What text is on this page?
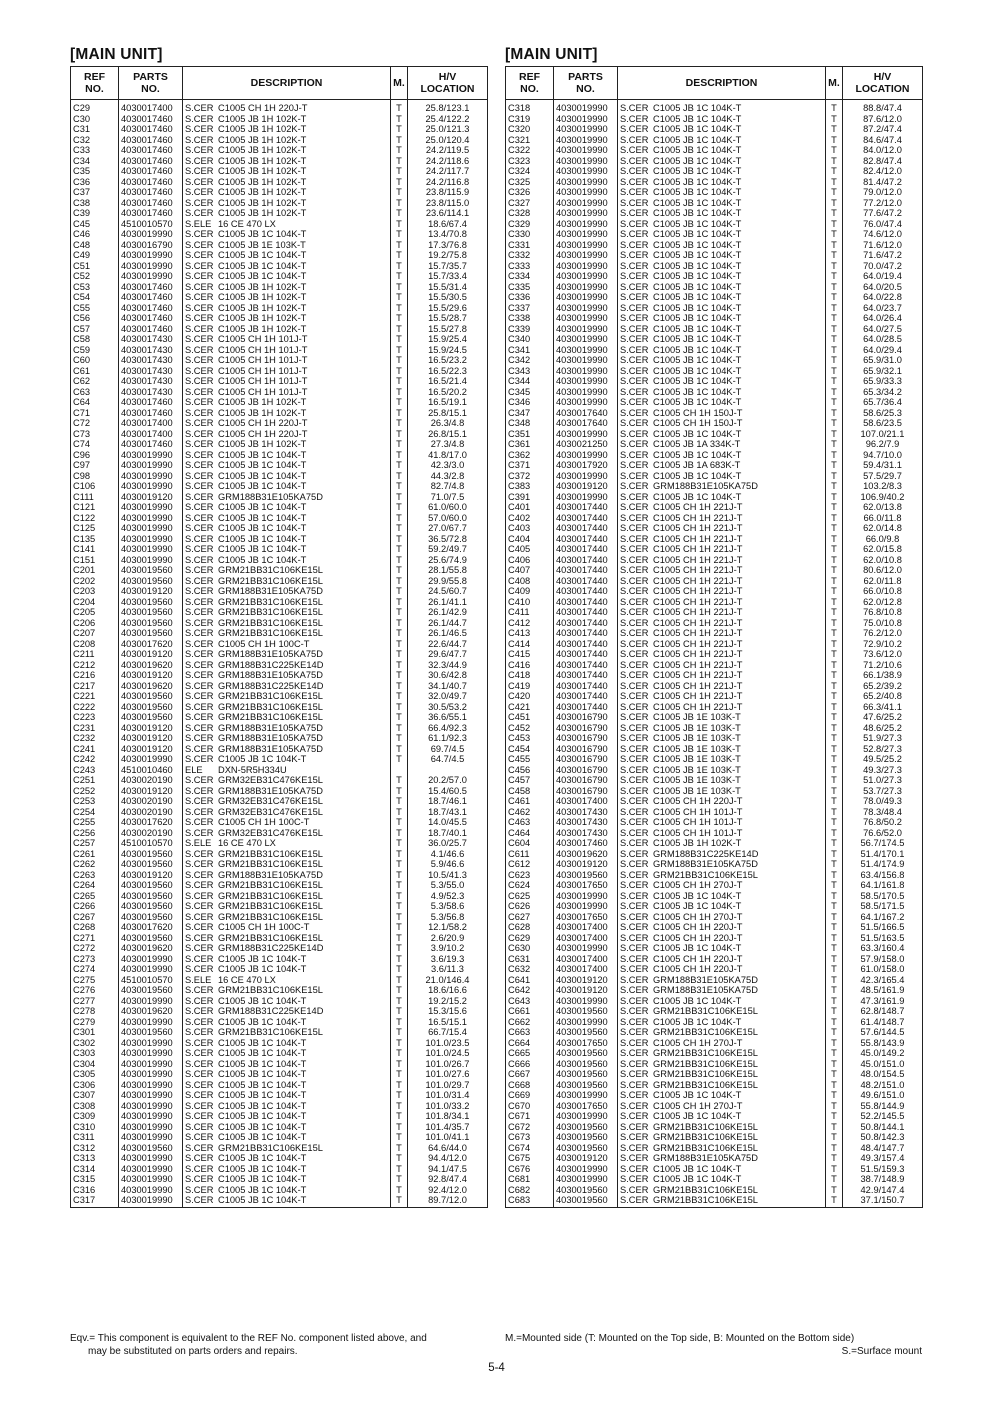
[MAIN UNIT]
REF
NO.	PARTS
NO.	DESCRIPTION	M.	H/V
LOCATION
C29	4030017400	S.CER C1005 CH 1H 220J-T	T	25.8/123.1
C30	4030017460	S.CER C1005 JB 1H 102K-T	T	25.4/122.2
C31	4030017460	S.CER C1005 JB 1H 102K-T	T	25.0/121.3
C32	4030017460	S.CER C1005 JB 1H 102K-T	T	25.0/120.4
C33	4030017460	S.CER C1005 JB 1H 102K-T	T	24.2/119.5
C34	4030017460	S.CER C1005 JB 1H 102K-T	T	24.2/118.6
C35	4030017460	S.CER C1005 JB 1H 102K-T	T	24.2/117.7
C36	4030017460	S.CER C1005 JB 1H 102K-T	T	24.2/116.8
C37	4030017460	S.CER C1005 JB 1H 102K-T	T	23.8/115.9
C38	4030017460	S.CER C1005 JB 1H 102K-T	T	23.8/115.0
C39	4030017460	S.CER C1005 JB 1H 102K-T	T	23.6/114.1
C45	4510010570	S.ELE 16 CE 470 LX	T	18.6/67.4
C46	4030019990	S.CER C1005 JB 1C 104K-T	T	13.4/70.8
C48	4030016790	S.CER C1005 JB 1E 103K-T	T	17.3/76.8
C49	4030019990	S.CER C1005 JB 1C 104K-T	T	19.2/75.8
C51	4030019990	S.CER C1005 JB 1C 104K-T	T	15.7/35.7
C52	4030019990	S.CER C1005 JB 1C 104K-T	T	15.7/33.4
C53	4030017460	S.CER C1005 JB 1H 102K-T	T	15.5/31.4
C54	4030017460	S.CER C1005 JB 1H 102K-T	T	15.5/30.5
C55	4030017460	S.CER C1005 JB 1H 102K-T	T	15.5/29.6
C56	4030017460	S.CER C1005 JB 1H 102K-T	T	15.5/28.7
C57	4030017460	S.CER C1005 JB 1H 102K-T	T	15.5/27.8
C58	4030017430	S.CER C1005 CH 1H 101J-T	T	15.9/25.4
C59	4030017430	S.CER C1005 CH 1H 101J-T	T	15.9/24.5
C60	4030017430	S.CER C1005 CH 1H 101J-T	T	16.5/23.2
C61	4030017430	S.CER C1005 CH 1H 101J-T	T	16.5/22.3
C62	4030017430	S.CER C1005 CH 1H 101J-T	T	16.5/21.4
C63	4030017430	S.CER C1005 CH 1H 101J-T	T	16.5/20.2
C64	4030017460	S.CER C1005 JB 1H 102K-T	T	16.5/19.1
C71	4030017460	S.CER C1005 JB 1H 102K-T	T	25.8/15.1
C72	4030017400	S.CER C1005 CH 1H 220J-T	T	26.3/4.8
C73	4030017400	S.CER C1005 CH 1H 220J-T	T	26.8/15.1
C74	4030017460	S.CER C1005 JB 1H 102K-T	T	27.3/4.8
C96	4030019990	S.CER C1005 JB 1C 104K-T	T	41.8/17.0
C97	4030019990	S.CER C1005 JB 1C 104K-T	T	42.3/3.0
C98	4030019990	S.CER C1005 JB 1C 104K-T	T	44.3/2.8
C106	4030019990	S.CER C1005 JB 1C 104K-T	T	82.7/4.8
C111	4030019120	S.CER GRM188B31E105KA75D	T	71.0/7.5
C121	4030019990	S.CER C1005 JB 1C 104K-T	T	61.0/60.0
C122	4030019990	S.CER C1005 JB 1C 104K-T	T	57.0/60.0
C125	4030019990	S.CER C1005 JB 1C 104K-T	T	27.0/67.7
C135	4030019990	S.CER C1005 JB 1C 104K-T	T	36.5/72.8
C141	4030019990	S.CER C1005 JB 1C 104K-T	T	59.2/49.7
C151	4030019990	S.CER C1005 JB 1C 104K-T	T	25.6/74.9
C201	4030019560	S.CER GRM21BB31C106KE15L	T	28.1/55.8
C202	4030019560	S.CER GRM21BB31C106KE15L	T	29.9/55.8
C203	4030019120	S.CER GRM188B31E105KA75D	T	24.5/60.7
C204	4030019560	S.CER GRM21BB31C106KE15L	T	26.1/41.1
C205	4030019560	S.CER GRM21BB31C106KE15L	T	26.1/42.9
C206	4030019560	S.CER GRM21BB31C106KE15L	T	26.1/44.7
C207	4030019560	S.CER GRM21BB31C106KE15L	T	26.1/46.5
C208	4030017620	S.CER C1005 CH 1H 100C-T	T	22.6/44.7
C211	4030019120	S.CER GRM188B31E105KA75D	T	29.6/47.7
C212	4030019620	S.CER GRM188B31C225KE14D	T	32.3/44.9
C216	4030019120	S.CER GRM188B31E105KA75D	T	30.6/42.8
C217	4030019620	S.CER GRM188B31C225KE14D	T	34.1/40.7
C221	4030019560	S.CER GRM21BB31C106KE15L	T	32.0/49.7
C222	4030019560	S.CER GRM21BB31C106KE15L	T	30.5/53.2
C223	4030019560	S.CER GRM21BB31C106KE15L	T	36.6/55.1
C231	4030019120	S.CER GRM188B31E105KA75D	T	66.4/92.3
C232	4030019120	S.CER GRM188B31E105KA75D	T	61.1/92.3
C241	4030019120	S.CER GRM188B31E105KA75D	T	69.7/4.5
C242	4030019990	S.CER C1005 JB 1C 104K-T	T	64.7/4.5
C243	4510010460	ELE DXN-5R5H334U		
C251	4030020190	S.CER GRM32EB31C476KE15L	T	20.2/57.0
C252	4030019120	S.CER GRM188B31E105KA75D	T	15.4/60.5
C253	4030020190	S.CER GRM32EB31C476KE15L	T	18.7/46.1
C254	4030020190	S.CER GRM32EB31C476KE15L	T	18.7/43.1
C255	4030017620	S.CER C1005 CH 1H 100C-T	T	14.0/45.5
C256	4030020190	S.CER GRM32EB31C476KE15L	T	18.7/40.1
C257	4510010570	S.ELE 16 CE 470 LX	T	36.0/25.7
C261	4030019560	S.CER GRM21BB31C106KE15L	T	4.1/46.6
C262	4030019560	S.CER GRM21BB31C106KE15L	T	5.9/46.6
C263	4030019120	S.CER GRM188B31E105KA75D	T	10.5/41.3
C264	4030019560	S.CER GRM21BB31C106KE15L	T	5.3/55.0
C265	4030019560	S.CER GRM21BB31C106KE15L	T	4.9/52.3
C266	4030019560	S.CER GRM21BB31C106KE15L	T	5.3/58.6
C267	4030019560	S.CER GRM21BB31C106KE15L	T	5.3/56.8
C268	4030017620	S.CER C1005 CH 1H 100C-T	T	12.1/58.2
C271	4030019560	S.CER GRM21BB31C106KE15L	T	2.6/20.9
C272	4030019620	S.CER GRM188B31C225KE14D	T	3.9/10.2
C273	4030019990	S.CER C1005 JB 1C 104K-T	T	3.6/19.3
C274	4030019990	S.CER C1005 JB 1C 104K-T	T	3.6/11.3
C275	4510010570	S.ELE 16 CE 470 LX	T	21.0/146.4
C276	4030019560	S.CER GRM21BB31C106KE15L	T	18.6/16.6
C277	4030019990	S.CER C1005 JB 1C 104K-T	T	19.2/15.2
C278	4030019620	S.CER GRM188B31C225KE14D	T	15.3/15.6
C279	4030019990	S.CER C1005 JB 1C 104K-T	T	16.5/15.1
C301	4030019560	S.CER GRM21BB31C106KE15L	T	66.7/15.4
C302	4030019990	S.CER C1005 JB 1C 104K-T	T	101.0/23.5
C303	4030019990	S.CER C1005 JB 1C 104K-T	T	101.0/24.5
C304	4030019990	S.CER C1005 JB 1C 104K-T	T	101.0/26.7
C305	4030019990	S.CER C1005 JB 1C 104K-T	T	101.0/27.6
C306	4030019990	S.CER C1005 JB 1C 104K-T	T	101.0/29.7
C307	4030019990	S.CER C1005 JB 1C 104K-T	T	101.0/31.4
C308	4030019990	S.CER C1005 JB 1C 104K-T	T	101.0/33.2
C309	4030019990	S.CER C1005 JB 1C 104K-T	T	101.8/34.1
C310	4030019990	S.CER C1005 JB 1C 104K-T	T	101.4/35.7
C311	4030019990	S.CER C1005 JB 1C 104K-T	T	101.0/41.1
C312	4030019560	S.CER GRM21BB31C106KE15L	T	64.6/44.0
C313	4030019990	S.CER C1005 JB 1C 104K-T	T	94.4/12.0
C314	4030019990	S.CER C1005 JB 1C 104K-T	T	94.1/47.5
C315	4030019990	S.CER C1005 JB 1C 104K-T	T	92.8/47.4
C316	4030019990	S.CER C1005 JB 1C 104K-T	T	92.4/12.0
C317	4030019990	S.CER C1005 JB 1C 104K-T	T	89.7/12.0
[MAIN UNIT]
REF
NO.	PARTS
NO.	DESCRIPTION	M.	H/V
LOCATION
C318	4030019990	S.CER C1005 JB 1C 104K-T	T	88.8/47.4
C319	4030019990	S.CER C1005 JB 1C 104K-T	T	87.6/12.0
C320	4030019990	S.CER C1005 JB 1C 104K-T	T	87.2/47.4
C321	4030019990	S.CER C1005 JB 1C 104K-T	T	84.6/47.4
C322	4030019990	S.CER C1005 JB 1C 104K-T	T	84.0/12.0
C323	4030019990	S.CER C1005 JB 1C 104K-T	T	82.8/47.4
C324	4030019990	S.CER C1005 JB 1C 104K-T	T	82.4/12.0
C325	4030019990	S.CER C1005 JB 1C 104K-T	T	81.4/47.2
C326	4030019990	S.CER C1005 JB 1C 104K-T	T	79.0/12.0
C327	4030019990	S.CER C1005 JB 1C 104K-T	T	77.2/12.0
C328	4030019990	S.CER C1005 JB 1C 104K-T	T	77.6/47.2
C329	4030019990	S.CER C1005 JB 1C 104K-T	T	76.0/47.4
C330	4030019990	S.CER C1005 JB 1C 104K-T	T	74.6/12.0
C331	4030019990	S.CER C1005 JB 1C 104K-T	T	71.6/12.0
C332	4030019990	S.CER C1005 JB 1C 104K-T	T	71.6/47.2
C333	4030019990	S.CER C1005 JB 1C 104K-T	T	70.0/47.2
C334	4030019990	S.CER C1005 JB 1C 104K-T	T	64.0/19.4
C335	4030019990	S.CER C1005 JB 1C 104K-T	T	64.0/20.5
C336	4030019990	S.CER C1005 JB 1C 104K-T	T	64.0/22.8
C337	4030019990	S.CER C1005 JB 1C 104K-T	T	64.0/23.7
C338	4030019990	S.CER C1005 JB 1C 104K-T	T	64.0/26.4
C339	4030019990	S.CER C1005 JB 1C 104K-T	T	64.0/27.5
C340	4030019990	S.CER C1005 JB 1C 104K-T	T	64.0/28.5
C341	4030019990	S.CER C1005 JB 1C 104K-T	T	64.0/29.4
C342	4030019990	S.CER C1005 JB 1C 104K-T	T	65.9/31.0
C343	4030019990	S.CER C1005 JB 1C 104K-T	T	65.9/32.1
C344	4030019990	S.CER C1005 JB 1C 104K-T	T	65.9/33.3
C345	4030019990	S.CER C1005 JB 1C 104K-T	T	65.3/34.2
C346	4030019990	S.CER C1005 JB 1C 104K-T	T	65.7/36.4
C347	4030017640	S.CER C1005 CH 1H 150J-T	T	58.6/25.3
C348	4030017640	S.CER C1005 CH 1H 150J-T	T	58.6/23.5
C351	4030019990	S.CER C1005 JB 1C 104K-T	T	107.0/21.1
C361	4030021250	S.CER C1005 JB 1A 334K-T	T	96.2/7.9
C362	4030019990	S.CER C1005 JB 1C 104K-T	T	94.7/10.0
C371	4030017920	S.CER C1005 JB 1A 683K-T	T	59.4/31.1
C372	4030019990	S.CER C1005 JB 1C 104K-T	T	57.5/29.7
C383	4030019120	S.CER GRM188B31E105KA75D	T	103.2/8.3
C391	4030019990	S.CER C1005 JB 1C 104K-T	T	106.9/40.2
C401	4030017440	S.CER C1005 CH 1H 221J-T	T	62.0/13.8
C402	4030017440	S.CER C1005 CH 1H 221J-T	T	66.0/11.8
C403	4030017440	S.CER C1005 CH 1H 221J-T	T	62.0/14.8
C404	4030017440	S.CER C1005 CH 1H 221J-T	T	66.0/9.8
C405	4030017440	S.CER C1005 CH 1H 221J-T	T	62.0/15.8
C406	4030017440	S.CER C1005 CH 1H 221J-T	T	62.0/10.8
C407	4030017440	S.CER C1005 CH 1H 221J-T	T	80.6/12.0
C408	4030017440	S.CER C1005 CH 1H 221J-T	T	62.0/11.8
C409	4030017440	S.CER C1005 CH 1H 221J-T	T	66.0/10.8
C410	4030017440	S.CER C1005 CH 1H 221J-T	T	62.0/12.8
C411	4030017440	S.CER C1005 CH 1H 221J-T	T	76.8/10.8
C412	4030017440	S.CER C1005 CH 1H 221J-T	T	75.0/10.8
C413	4030017440	S.CER C1005 CH 1H 221J-T	T	76.2/12.0
C414	4030017440	S.CER C1005 CH 1H 221J-T	T	72.9/10.2
C415	4030017440	S.CER C1005 CH 1H 221J-T	T	73.6/12.0
C416	4030017440	S.CER C1005 CH 1H 221J-T	T	71.2/10.6
C418	4030017440	S.CER C1005 CH 1H 221J-T	T	66.1/38.9
C419	4030017440	S.CER C1005 CH 1H 221J-T	T	65.2/39.2
C420	4030017440	S.CER C1005 CH 1H 221J-T	T	65.2/40.8
C421	4030017440	S.CER C1005 CH 1H 221J-T	T	66.3/41.1
C451	4030016790	S.CER C1005 JB 1E 103K-T	T	47.6/25.2
C452	4030016790	S.CER C1005 JB 1E 103K-T	T	48.6/25.2
C453	4030016790	S.CER C1005 JB 1E 103K-T	T	51.9/27.3
C454	4030016790	S.CER C1005 JB 1E 103K-T	T	52.8/27.3
C455	4030016790	S.CER C1005 JB 1E 103K-T	T	49.5/25.2
C456	4030016790	S.CER C1005 JB 1E 103K-T	T	49.3/27.3
C457	4030016790	S.CER C1005 JB 1E 103K-T	T	51.0/27.3
C458	4030016790	S.CER C1005 JB 1E 103K-T	T	53.7/27.3
C461	4030017400	S.CER C1005 CH 1H 220J-T	T	78.0/49.3
C462	4030017430	S.CER C1005 CH 1H 101J-T	T	78.3/48.4
C463	4030017430	S.CER C1005 CH 1H 101J-T	T	76.8/50.2
C464	4030017430	S.CER C1005 CH 1H 101J-T	T	76.6/52.0
C604	4030017460	S.CER C1005 JB 1H 102K-T	T	56.7/174.5
C611	4030019620	S.CER GRM188B31C225KE14D	T	51.4/170.1
C612	4030019120	S.CER GRM188B31E105KA75D	T	51.4/174.9
C623	4030019560	S.CER GRM21BB31C106KE15L	T	63.4/156.8
C624	4030017650	S.CER C1005 CH 1H 270J-T	T	64.1/161.8
C625	4030019990	S.CER C1005 JB 1C 104K-T	T	58.5/170.5
C626	4030019990	S.CER C1005 JB 1C 104K-T	T	58.5/171.5
C627	4030017650	S.CER C1005 CH 1H 270J-T	T	64.1/167.2
C628	4030017400	S.CER C1005 CH 1H 220J-T	T	51.5/166.5
C629	4030017400	S.CER C1005 CH 1H 220J-T	T	51.5/163.5
C630	4030019990	S.CER C1005 JB 1C 104K-T	T	63.3/160.4
C631	4030017400	S.CER C1005 CH 1H 220J-T	T	57.9/158.0
C632	4030017400	S.CER C1005 CH 1H 220J-T	T	61.0/158.0
C641	4030019120	S.CER GRM188B31E105KA75D	T	42.3/165.4
C642	4030019120	S.CER GRM188B31E105KA75D	T	48.5/161.9
C643	4030019990	S.CER C1005 JB 1C 104K-T	T	47.3/161.9
C661	4030019560	S.CER GRM21BB31C106KE15L	T	62.8/148.7
C662	4030019990	S.CER C1005 JB 1C 104K-T	T	61.4/148.7
C663	4030019560	S.CER GRM21BB31C106KE15L	T	57.6/144.5
C664	4030017650	S.CER C1005 CH 1H 270J-T	T	55.8/143.9
C665	4030019560	S.CER GRM21BB31C106KE15L	T	45.0/149.2
C666	4030019560	S.CER GRM21BB31C106KE15L	T	45.0/151.0
C667	4030019560	S.CER GRM21BB31C106KE15L	T	48.0/154.5
C668	4030019560	S.CER GRM21BB31C106KE15L	T	48.2/151.0
C669	4030019990	S.CER C1005 JB 1C 104K-T	T	49.6/151.0
C670	4030017650	S.CER C1005 CH 1H 270J-T	T	55.8/144.9
C671	4030019990	S.CER C1005 JB 1C 104K-T	T	52.2/145.5
C672	4030019560	S.CER GRM21BB31C106KE15L	T	50.8/144.1
C673	4030019560	S.CER GRM21BB31C106KE15L	T	50.8/142.3
C674	4030019560	S.CER GRM21BB31C106KE15L	T	48.4/147.7
C675	4030019120	S.CER GRM188B31E105KA75D	T	49.3/157.4
C676	4030019990	S.CER C1005 JB 1C 104K-T	T	51.5/159.3
C681	4030019990	S.CER C1005 JB 1C 104K-T	T	38.7/148.9
C682	4030019560	S.CER GRM21BB31C106KE15L	T	42.9/147.4
C683	4030019560	S.CER GRM21BB31C106KE15L	T	37.1/150.7
Eqv.= This component is equivalent to the REF No. component listed above, and
may be substituted on parts orders and repairs.
M.=Mounted side (T: Mounted on the Top side, B: Mounted on the Bottom side)
S.=Surface mount
5-4
